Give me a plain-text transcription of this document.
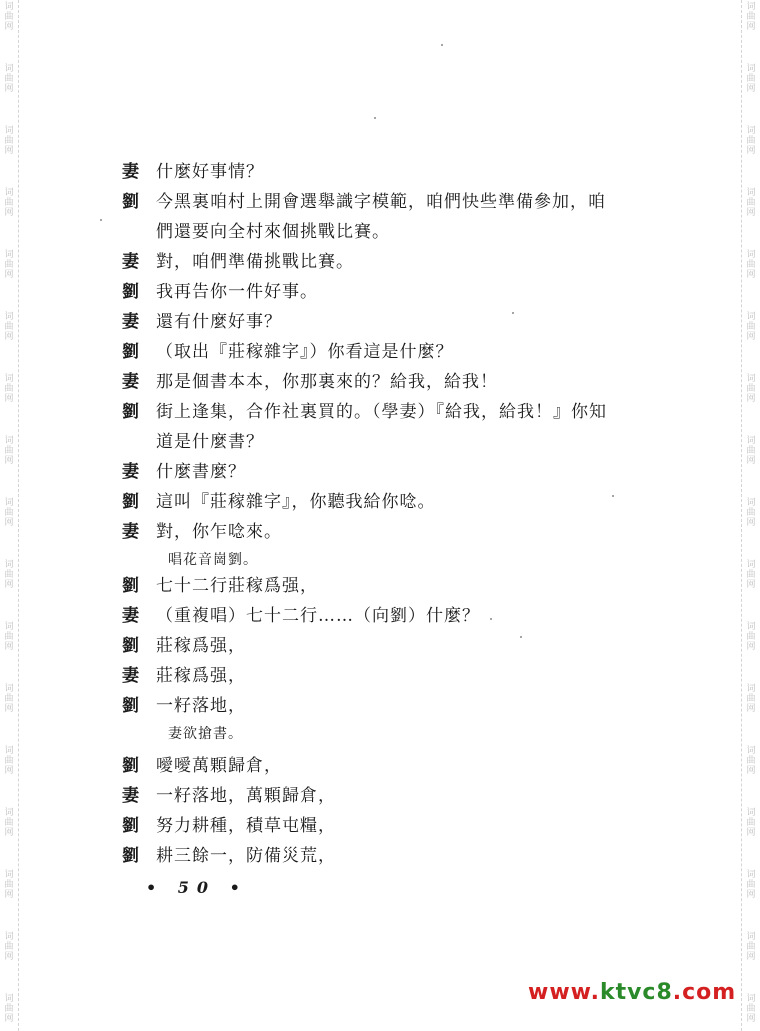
词曲网
词曲网
词曲网
词曲网
词曲网
词曲网
词曲网
词曲网
词曲网
词曲网
词曲网
词曲网
词曲网
词曲网
词曲网
词曲网
词曲网
词曲网
词曲网
词曲网
词曲网
词曲网
词曲网
词曲网
词曲网
词曲网
词曲网
词曲网
词曲网
词曲网
词曲网
词曲网
词曲网
词曲网
妻 什麼好事情？
劉 今黑裏咱村上開會選舉識字模範，咱們快些準備參加，咱
們還要向全村來個挑戰比賽。
妻 對，咱們準備挑戰比賽。
劉 我再告你一件好事。
妻 還有什麼好事？
劉 （取出『莊稼雜字』）你看這是什麼？
妻 那是個書本本，你那裏來的？給我，給我！
劉 街上逢集，合作社裏買的。（學妻）『給我，給我！』你知
道是什麼書？
妻 什麼書麼？
劉 這叫『莊稼雜字』，你聽我給你唸。
妻 對，你乍唸來。
唱花音崗劉。
劉 七十二行莊稼爲强，
妻 （重複唱）七十二行……（向劉）什麼？
劉 莊稼爲强，
妻 莊稼爲强，
劉 一籽落地，
妻欲搶書。
劉 噯噯萬顆歸倉，
妻 一籽落地，萬顆歸倉，
劉 努力耕種，積草屯糧，
劉 耕三餘一，防備災荒，
• 50 •
www.ktvc8.com
